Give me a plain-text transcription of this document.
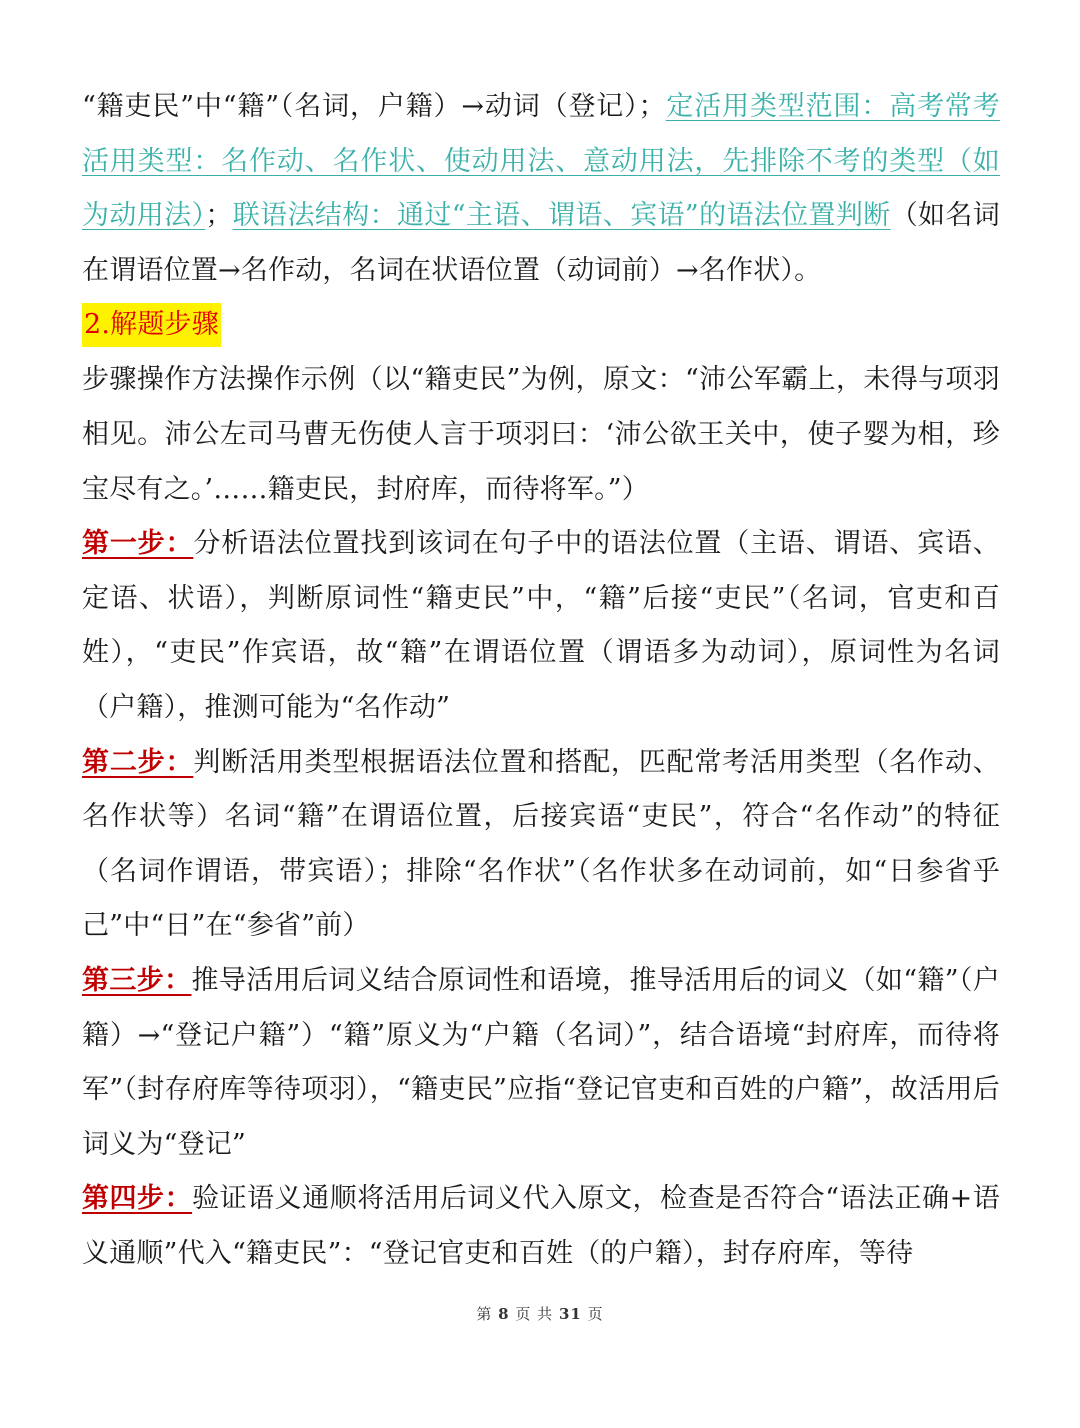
“籍吏民”中“籍”（名词，户籍）→动词（登记）；定活用类型范围：高考常考活用类型：名作动、名作状、使动用法、意动用法，先排除不考的类型（如为动用法）；联语法结构：通过“主语、谓语、宾语”的语法位置判断（如名词在谓语位置→名作动，名词在状语位置（动词前）→名作状）。

2.解题步骤

步骤操作方法操作示例（以“籍吏民”为例，原文：“沛公军霸上，未得与项羽相见。沛公左司马曹无伤使人言于项羽曰：‘沛公欲王关中，使子婴为相，珍宝尽有之。’……籍吏民，封府库，而待将军。”）

第一步：分析语法位置找到该词在句子中的语法位置（主语、谓语、宾语、定语、状语），判断原词性“籍吏民”中，“籍”后接“吏民”（名词，官吏和百姓），“吏民”作宾语，故“籍”在谓语位置（谓语多为动词），原词性为名词（户籍），推测可能为“名作动”

第二步：判断活用类型根据语法位置和搭配，匹配常考活用类型（名作动、名作状等）名词“籍”在谓语位置，后接宾语“吏民”，符合“名作动”的特征（名词作谓语，带宾语）；排除“名作状”（名作状多在动词前，如“日参省乎己”中“日”在“参省”前）

第三步：推导活用后词义结合原词性和语境，推导活用后的词义（如“籍”（户籍）→“登记户籍”）“籍”原义为“户籍（名词）”，结合语境“封府库，而待将军”（封存府库等待项羽），“籍吏民”应指“登记官吏和百姓的户籍”，故活用后词义为“登记”

第四步：验证语义通顺将活用后词义代入原文，检查是否符合“语法正确+语义通顺”代入“籍吏民”：“登记官吏和百姓（的户籍），封存府库，等待

第 8 页 共 31 页
